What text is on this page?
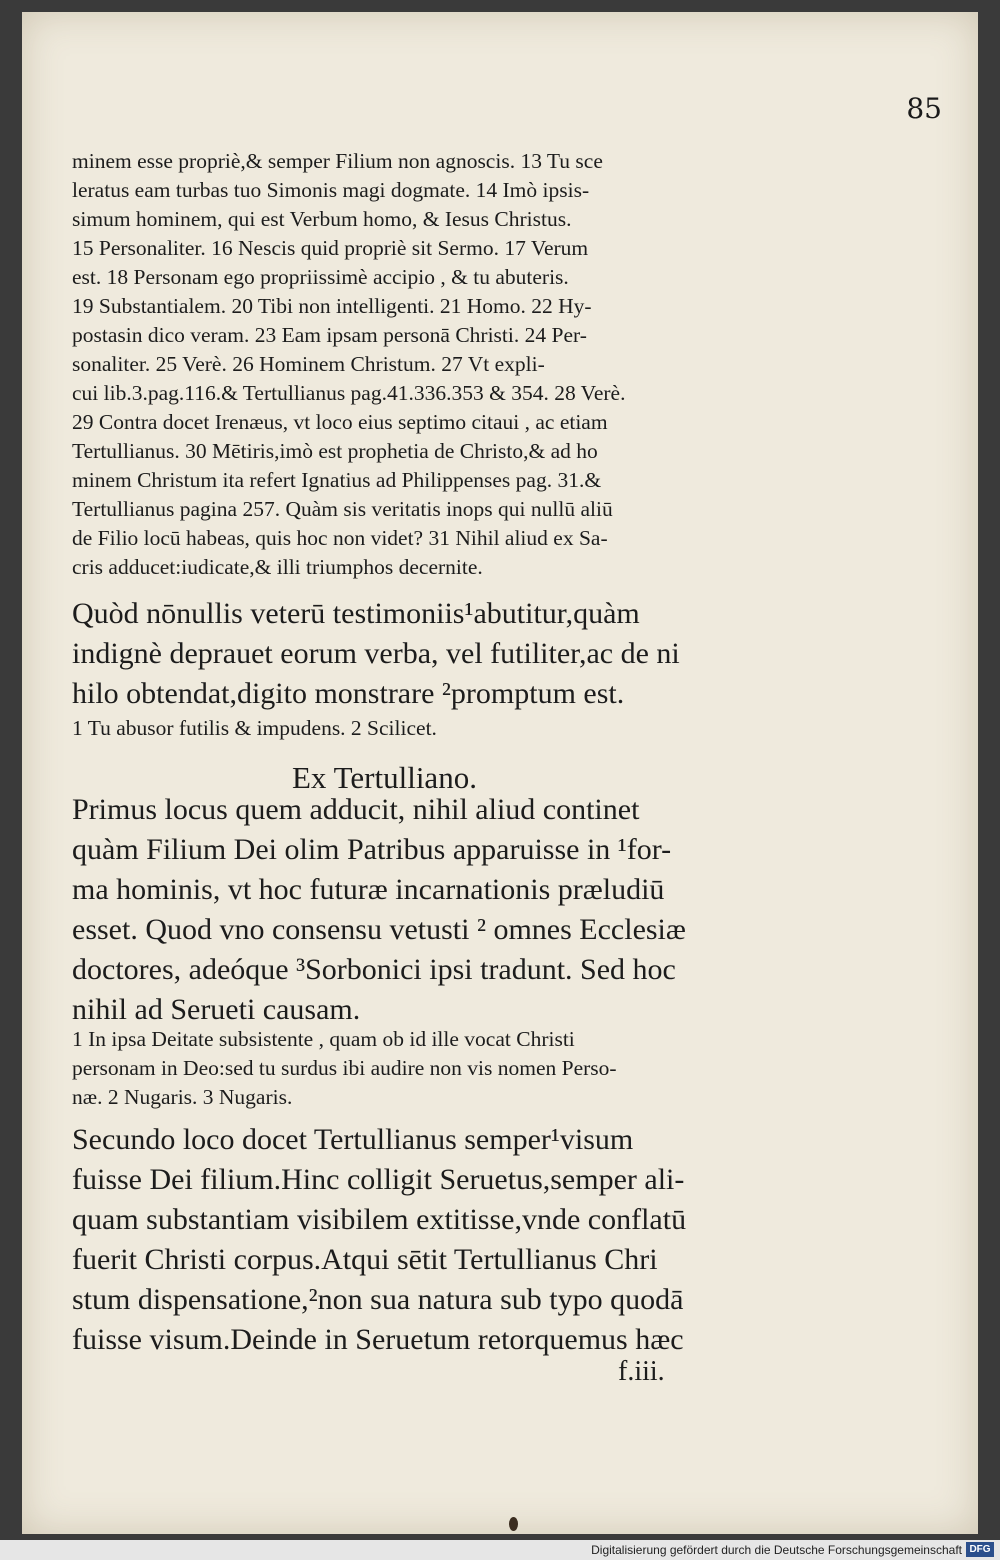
85
minem esse propriè,& semper Filium non agnoscis. 13 Tu sce
leratus eam turbas tuo Simonis magi dogmate. 14 Imò ipsis-
simum hominem, qui est Verbum homo, & Iesus Christus.
15 Personaliter. 16 Nescis quid propriè sit Sermo. 17 Verum
est. 18 Personam ego propriissimè accipio , & tu abuteris.
19 Substantialem. 20 Tibi non intelligenti. 21 Homo. 22 Hy-
postasin dico veram. 23 Eam ipsam personā Christi. 24 Per-
sonaliter. 25 Verè. 26 Hominem Christum. 27 Vt expli-
cui lib.3.pag.116.& Tertullianus pag.41.336.353 & 354. 28 Verè.
29 Contra docet Irenæus, vt loco eius septimo citaui , ac etiam
Tertullianus. 30 Mētiris,imò est prophetia de Christo,& ad ho
minem Christum ita refert Ignatius ad Philippenses pag. 31.&
Tertullianus pagina 257. Quàm sis veritatis inops qui nullū aliū
de Filio locū habeas, quis hoc non videt? 31 Nihil aliud ex Sa-
cris adducet:iudicate,& illi triumphos decernite.
Quòd nōnullis veterū testimoniis¹abutitur,quàm
indignè deprauet eorum verba, vel futiliter,ac de ni
hilo obtendat,digito monstrare ²promptum est.
1 Tu abusor futilis & impudens. 2 Scilicet.
Ex Tertulliano.
Primus locus quem adducit, nihil aliud continet
quàm Filium Dei olim Patribus apparuisse in ¹for-
ma hominis, vt hoc futuræ incarnationis præludiū
esset. Quod vno consensu vetusti ² omnes Ecclesiæ
doctores, adeóque ³Sorbonici ipsi tradunt. Sed hoc
nihil ad Serueti causam.
1 In ipsa Deitate subsistente , quam ob id ille vocat Christi
personam in Deo:sed tu surdus ibi audire non vis nomen Perso-
næ. 2 Nugaris. 3 Nugaris.
Secundo loco docet Tertullianus semper¹visum
fuisse Dei filium.Hinc colligit Seruetus,semper ali-
quam substantiam visibilem extitisse,vnde conflatū
fuerit Christi corpus.Atqui sētit Tertullianus Chri
stum dispensatione,²non sua natura sub typo quodā
fuisse visum.Deinde in Seruetum retorquemus hæc
f.iii.
Digitalisierung gefördert durch die Deutsche Forschungsgemeinschaft DFG
